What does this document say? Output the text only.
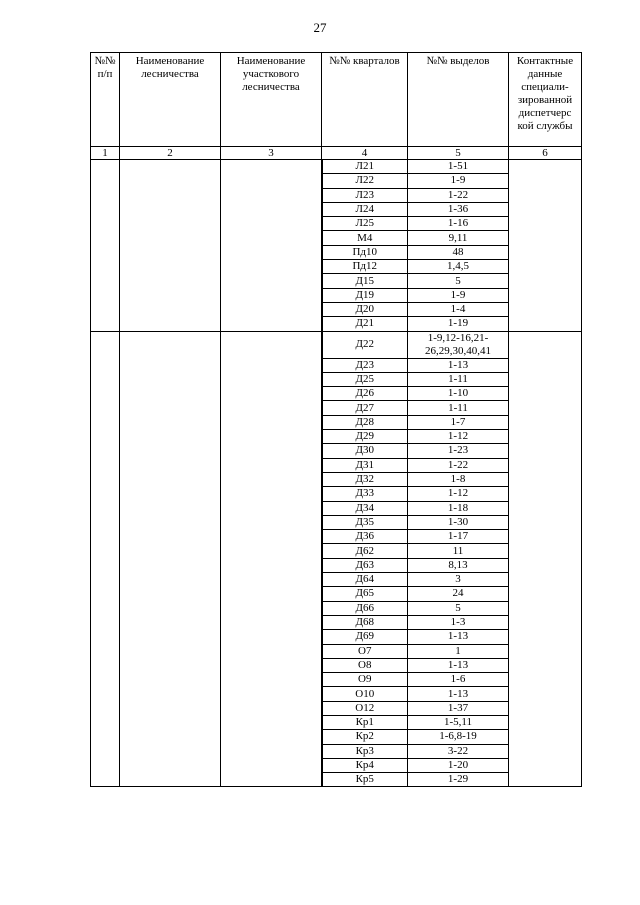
27
№№ п/п	Наименование лесничества	Наименование участкового лесничества	№№ кварталов	№№ выделов	Контактные данные специали-зированной диспетчерс кой службы
1	2	3	4	5	6
			Л21	1-51	
			Л22	1-9	
			Л23	1-22	
			Л24	1-36	
			Л25	1-16	
			М4	9,11	
			Пд10	48	
			Пд12	1,4,5	
			Д15	5	
			Д19	1-9	
			Д20	1-4	
			Д21	1-19	
			Д22	1-9,12-16,21-26,29,30,40,41	
			Д23	1-13	
			Д25	1-11	
			Д26	1-10	
			Д27	1-11	
			Д28	1-7	
			Д29	1-12	
			Д30	1-23	
			Д31	1-22	
			Д32	1-8	
			Д33	1-12	
			Д34	1-18	
			Д35	1-30	
			Д36	1-17	
			Д62	11	
			Д63	8,13	
			Д64	3	
			Д65	24	
			Д66	5	
			Д68	1-3	
			Д69	1-13	
			О7	1	
			О8	1-13	
			О9	1-6	
			О10	1-13	
			О12	1-37	
			Кр1	1-5,11	
			Кр2	1-6,8-19	
			Кр3	3-22	
			Кр4	1-20	
			Кр5	1-29	
